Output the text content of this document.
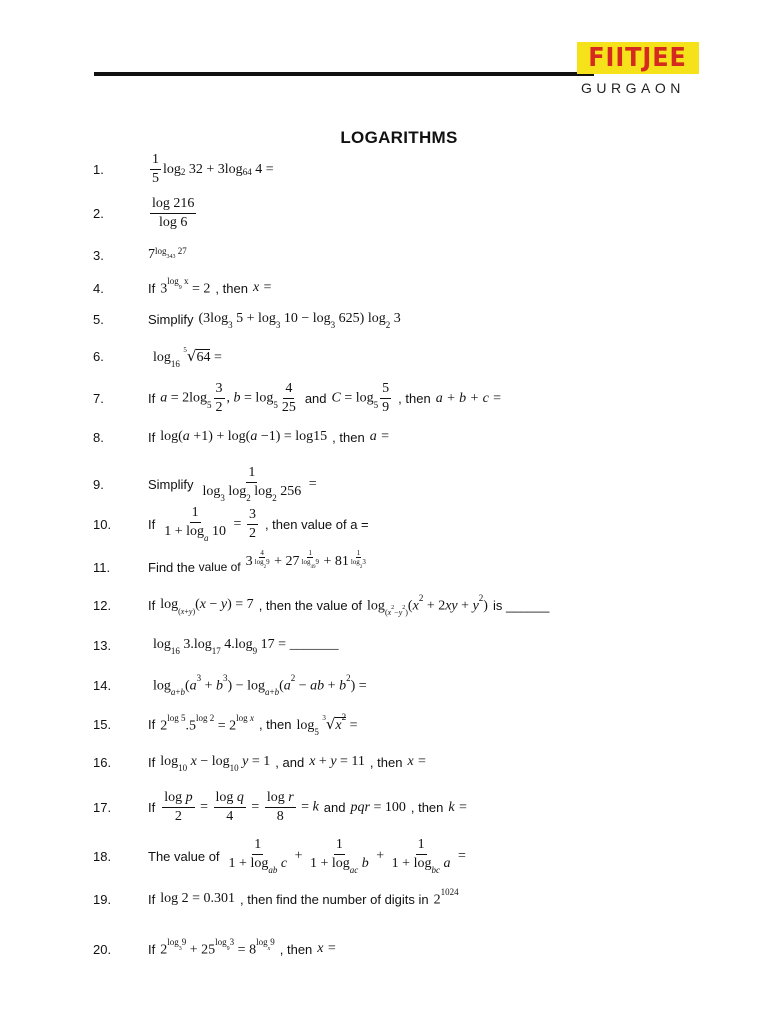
FIITJEE
GURGAON
LOGARITHMS
1.	$\frac{1}{5} \log_2 32 + 3\log_{64}$ 4 =
2.	$\frac{\log 216}{\log 6}$
3.	$7^{log_{343} 27}$
4.	If $3^{log_9 x} = 2$ , then x =
5.	Simplify ($3\log_3$ $5 + \log_3 10 - \log_3 625$) $\log_2 3$
6.	$\log_{16} ^5√64$ =
7.	If $a = 2\log_5 \frac{3}{2}$ , $b = \log_5 \frac{4}{25}$ and $C = \log_5 \frac{5}{9}$ , then a + b + c =
8.	If log(a +1) + log(a −1) = log15 , then a =
9.	Simplify $\frac{1}{\log_3 \log_2 \log_2 256}$ =
10.	If $\frac{1}{1 + \log_a 10} = \frac{3}{2}$ , then value of a =
11.	Find the
value of $3 \frac{4}{\log_29} + 27 \frac{1}{\log_{49}9} + 81 \frac{1}{\log_23}$
12.	If $\log_{(x+y)}(x - y) = 7$ , then the value of $\log_{(x^2-y^2)}(x^2 + 2xy + y^2)$ is ______
13.	$\log_{16} 3.\log_{17}$ $4.\log_9$ 17 = _______
14.	$\log_{a+b}(a^3 + b^3) - \log_{a+b}(a^2$ − ab + $b^2$) =
15.	If $2^{log 5}.5^{log 2} = 2^{log x}$ , then $\log_5 ^3√x^2$ =
16.	If $\log_{10} x - \log_{10} y = 1$ , and x + y = 11 , then x =
17.	If $\frac{\text{log p}}{2} = \frac{\text{log q}}{4} = \frac{\text{log r}}{8} = k$ and pqr = 100 , then k =
18.	The value of $\frac{1}{1 + \log_{ab} c} + \frac{1}{1 + \log_{ac} b} + \frac{1}{1 + \log_{bc} a}$ =
19.	If log 2 = 0.301 , then find the number of digits in $2^{1024}$
20.	If $2^{log_39} + 25^{log_93} = 8^{log_x9}$ , then x =
